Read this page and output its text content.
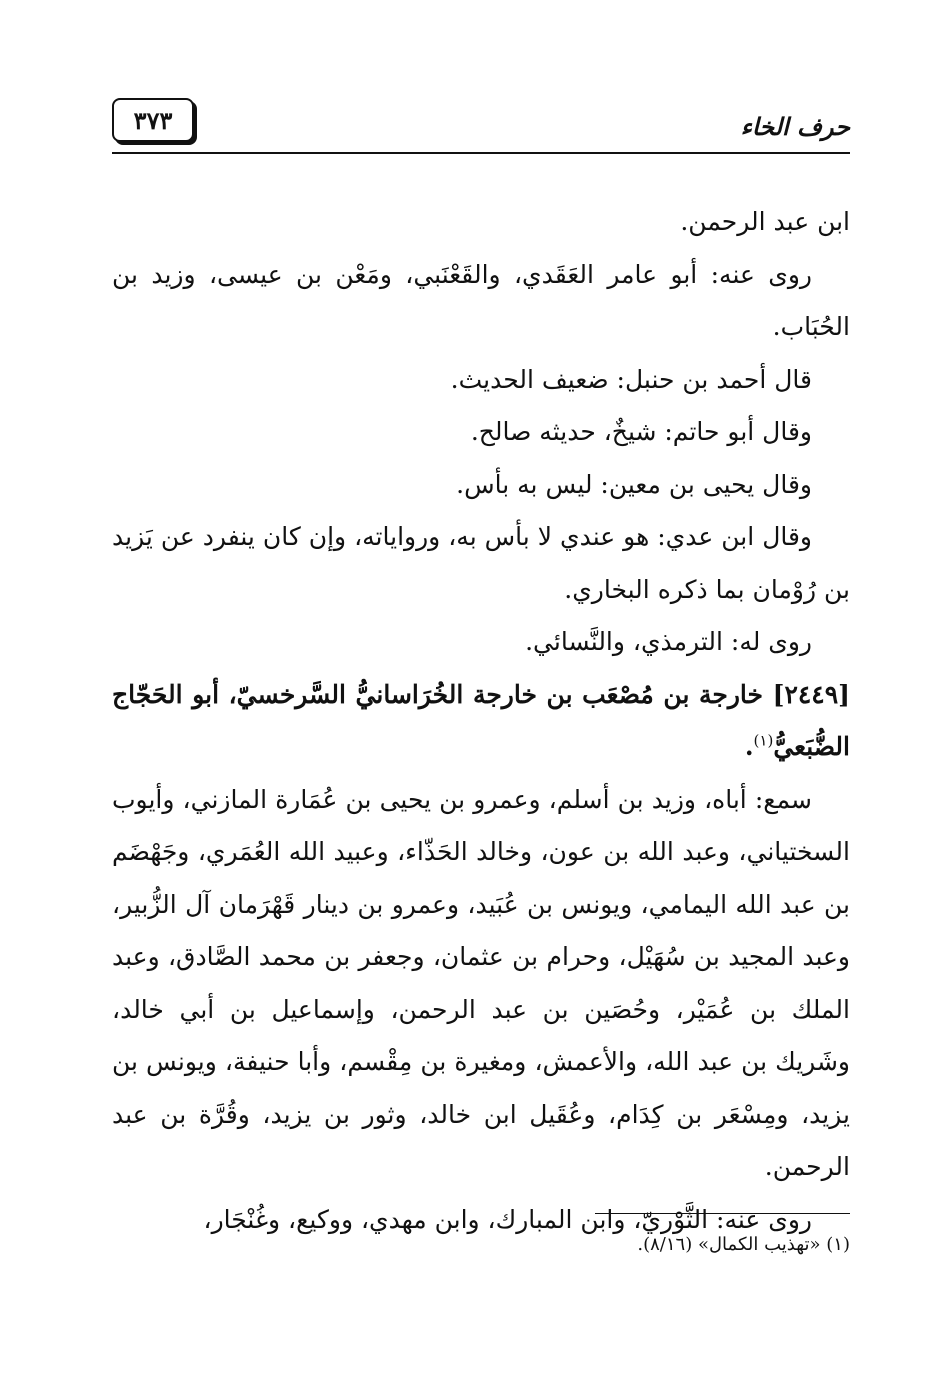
٣٧٣	حرف الخاء

ابن عبد الرحمن.

روى عنه: أبو عامر العَقَدي، والقَعْنَبي، ومَعْن بن عيسى، وزيد بن الحُبَاب.

قال أحمد بن حنبل: ضعيف الحديث.

وقال أبو حاتم: شيخٌ، حديثه صالح.

وقال يحيى بن معين: ليس به بأس.

وقال ابن عدي: هو عندي لا بأس به، ورواياته، وإن كان ينفرد عن يَزيد بن رُوْمان بما ذكره البخاري.

روى له: الترمذي، والنَّسائي.

[٢٤٤٩] خارجة بن مُصْعَب بن خارجة الخُرَاسانيُّ السَّرخسيّ، أبو الحَجّاج الضُّبَعيُّ$^{(١)}$.

سمع: أباه، وزيد بن أسلم، وعمرو بن يحيى بن عُمَارة المازني، وأيوب السختياني، وعبد الله بن عون، وخالد الحَذّاء، وعبيد الله العُمَري، وجَهْضَم بن عبد الله اليمامي، ويونس بن عُبَيد، وعمرو بن دينار قَهْرَمان آل الزُّبير، وعبد المجيد بن سُهَيْل، وحرام بن عثمان، وجعفر بن محمد الصَّادق، وعبد الملك بن عُمَيْر، وحُصَين بن عبد الرحمن، وإسماعيل بن أبي خالد، وشَريك بن عبد الله، والأعمش، ومغيرة بن مِقْسم، وأبا حنيفة، ويونس بن يزيد، ومِسْعَر بن كِدَام، وعُقَيل ابن خالد، وثور بن يزيد، وقُرَّة بن عبد الرحمن.

روى عنه: الثَّوْريّ، وابن المبارك، وابن مهدي، ووكيع، وغُنْجَار،

(١) «تهذيب الكمال» (٨/١٦).
